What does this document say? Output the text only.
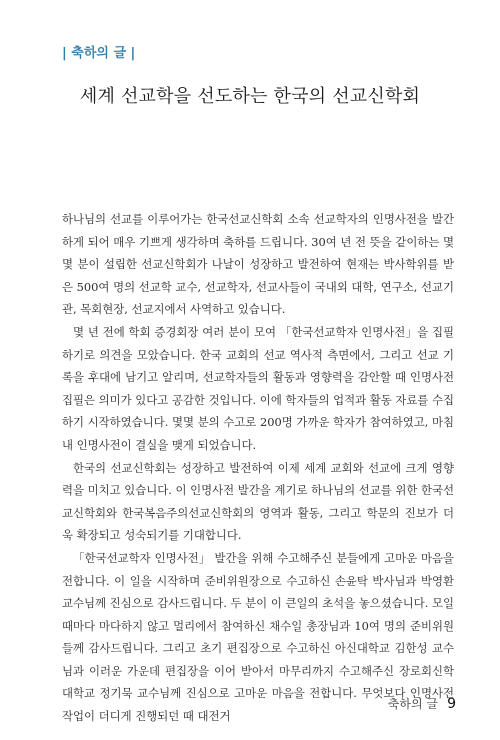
| 축하의 글 |
세계 선교학을 선도하는 한국의 선교신학회

하나님의 선교를 이루어가는 한국선교신학회 소속 선교학자의 인명사전을 발간하게 되어 매우 기쁘게 생각하며 축하를 드립니다. 30여 년 전 뜻을 같이하는 몇몇 분이 설립한 선교신학회가 나날이 성장하고 발전하여 현재는 박사학위를 받은 500여 명의 선교학 교수, 선교학자, 선교사들이 국내외 대학, 연구소, 선교기관, 목회현장, 선교지에서 사역하고 있습니다.

몇 년 전에 학회 증경회장 여러 분이 모여 「한국선교학자 인명사전」을 집필하기로 의견을 모았습니다. 한국 교회의 선교 역사적 측면에서, 그리고 선교 기록을 후대에 남기고 알리며, 선교학자들의 활동과 영향력을 감안할 때 인명사전 집필은 의미가 있다고 공감한 것입니다. 이에 학자들의 업적과 활동 자료를 수집하기 시작하였습니다. 몇몇 분의 수고로 200명 가까운 학자가 참여하였고, 마침내 인명사전이 결실을 맺게 되었습니다.

한국의 선교신학회는 성장하고 발전하여 이제 세계 교회와 선교에 크게 영향력을 미치고 있습니다. 이 인명사전 발간을 계기로 하나님의 선교를 위한 한국선교신학회와 한국복음주의선교신학회의 영역과 활동, 그리고 학문의 진보가 더욱 확장되고 성숙되기를 기대합니다.

「한국선교학자 인명사전」 발간을 위해 수고해주신 분들에게 고마운 마음을 전합니다. 이 일을 시작하며 준비위원장으로 수고하신 손윤탁 박사님과 박영환 교수님께 진심으로 감사드립니다. 두 분이 이 큰일의 초석을 놓으셨습니다. 모일때마다 마다하지 않고 멀리에서 참여하신 채수일 총장님과 10여 명의 준비위원들께 감사드립니다. 그리고 초기 편집장으로 수고하신 아신대학교 김한성 교수님과 이러운 가운데 편집장을 이어 받아서 마무리까지 수고해주신 장로회신학대학교 정기묵 교수님께 진심으로 고마운 마음을 전합니다. 무엇보다 인명사전 작업이 더디게 진행되던 때 대전거

축하의 글 9
